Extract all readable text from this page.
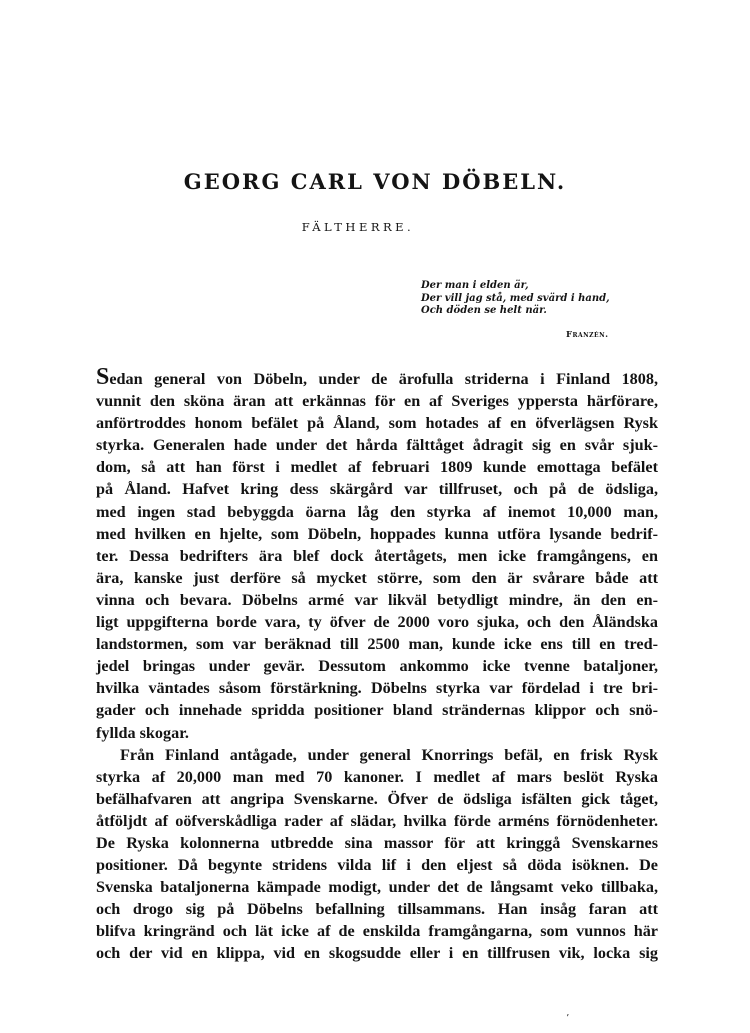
GEORG CARL VON DÖBELN.
FÄLTHERRE.
Der man i elden är,
Der vill jag stå, med svärd i hand,
Och döden se helt när.
Franzén.
Sedan general von Döbeln, under de ärofulla striderna i Finland 1808,
vunnit den sköna äran att erkännas för en af Sveriges yppersta härförare,
anförtroddes honom befälet på Åland, som hotades af en öfverlägsen Rysk
styrka. Generalen hade under det hårda fälttåget ådragit sig en svår sjuk-
dom, så att han först i medlet af februari 1809 kunde emottaga befälet
på Åland. Hafvet kring dess skärgård var tillfruset, och på de ödsliga,
med ingen stad bebyggda öarna låg den styrka af inemot 10,000 man,
med hvilken en hjelte, som Döbeln, hoppades kunna utföra lysande bedrif-
ter. Dessa bedrifters ära blef dock återtågets, men icke framgångens, en
ära, kanske just derföre så mycket större, som den är svårare både att
vinna och bevara. Döbelns armé var likväl betydligt mindre, än den en-
ligt uppgifterna borde vara, ty öfver de 2000 voro sjuka, och den Åländska
landstormen, som var beräknad till 2500 man, kunde icke ens till en tred-
jedel bringas under gevär. Dessutom ankommo icke tvenne bataljoner,
hvilka väntades såsom förstärkning. Döbelns styrka var fördelad i tre bri-
gader och innehade spridda positioner bland strändernas klippor och snö-
fyllda skogar.
Från Finland antågade, under general Knorrings befäl, en frisk Rysk
styrka af 20,000 man med 70 kanoner. I medlet af mars beslöt Ryska
befälhafvaren att angripa Svenskarne. Öfver de ödsliga isfälten gick tåget,
åtföljdt af oöfverskådliga rader af slädar, hvilka förde arméns förnödenheter.
De Ryska kolonnerna utbredde sina massor för att kringgå Svenskarnes
positioner. Då begynte stridens vilda lif i den eljest så döda isöknen. De
Svenska bataljonerna kämpade modigt, under det de långsamt veko tillbaka,
och drogo sig på Döbelns befallning tillsammans. Han insåg faran att
blifva kringränd och lät icke af de enskilda framgångarna, som vunnos här
och der vid en klippa, vid en skogsudde eller i en tillfrusen vik, locka sig
ʼ
